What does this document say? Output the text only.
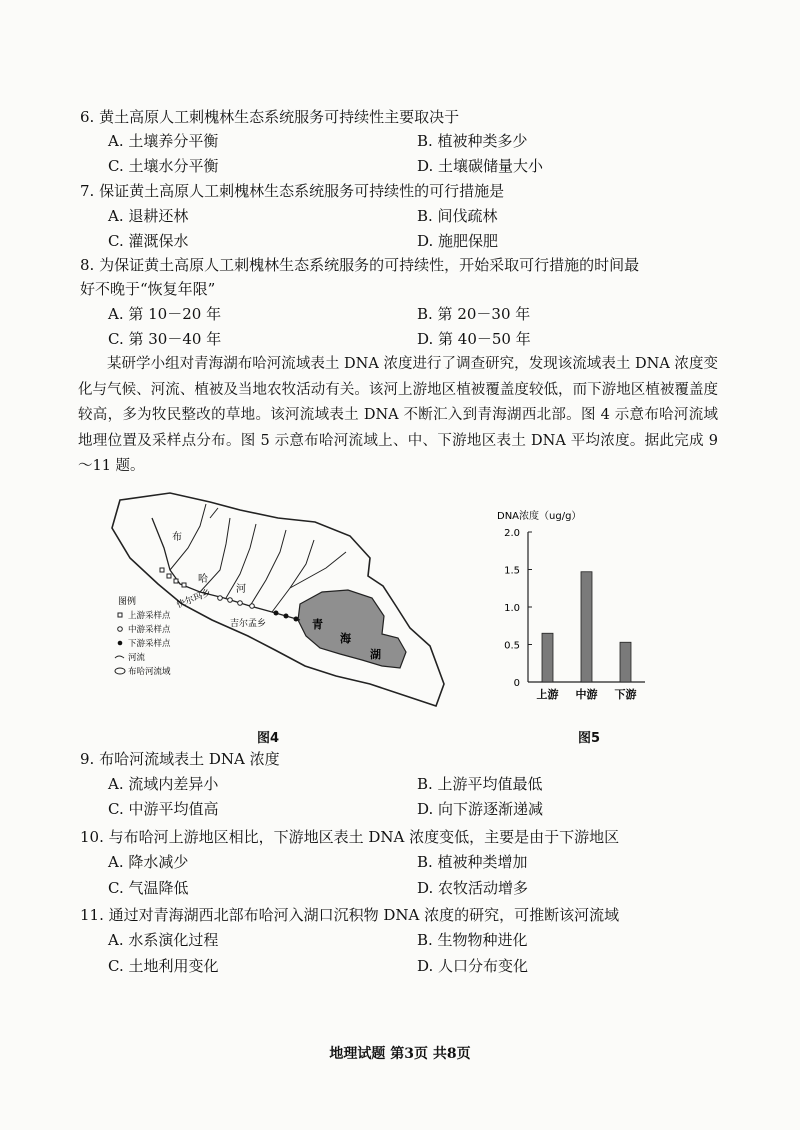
6. 黄土高原人工刺槐林生态系统服务可持续性主要取决于
A. 土壤养分平衡	B. 植被种类多少
C. 土壤水分平衡	D. 土壤碳储量大小
7. 保证黄土高原人工刺槐林生态系统服务可持续性的可行措施是
A. 退耕还林	B. 间伐疏林
C. 灌溉保水	D. 施肥保肥
8. 为保证黄土高原人工刺槐林生态系统服务的可持续性，开始采取可行措施的时间最
好不晚于“恢复年限”
A. 第 10－20 年	B. 第 20－30 年
C. 第 30－40 年	D. 第 40－50 年

某研学小组对青海湖布哈河流域表土 DNA 浓度进行了调查研究，发现该流域表土 DNA 浓度变化与气候、河流、植被及当地农牧活动有关。该河上游地区植被覆盖度较低，而下游地区植被覆盖度较高，多为牧民整改的草地。该河流域表土 DNA 不断汇入到青海湖西北部。图 4 示意布哈河流域地理位置及采样点分布。图 5 示意布哈河流域上、中、下游地区表土 DNA 平均浓度。据此完成 9～11 题。

布
哈
河
快尔玛乡
吉尔孟乡	青
海
湖
图例
上游采样点
中游采样点
下游采样点
河流
布哈河流域
图4
DNA浓度（ug/g）
0
0.5
1.0
1.5
2.0
上游 中游 下游
图5
9. 布哈河流域表土 DNA 浓度
A. 流域内差异小	B. 上游平均值最低
C. 中游平均值高	D. 向下游逐渐递减
10. 与布哈河上游地区相比，下游地区表土 DNA 浓度变低，主要是由于下游地区
A. 降水减少	B. 植被种类增加
C. 气温降低	D. 农牧活动增多
11. 通过对青海湖西北部布哈河入湖口沉积物 DNA 浓度的研究，可推断该河流域
A. 水系演化过程	B. 生物物种进化
C. 土地利用变化	D. 人口分布变化
地理试题 第3页 共8页
